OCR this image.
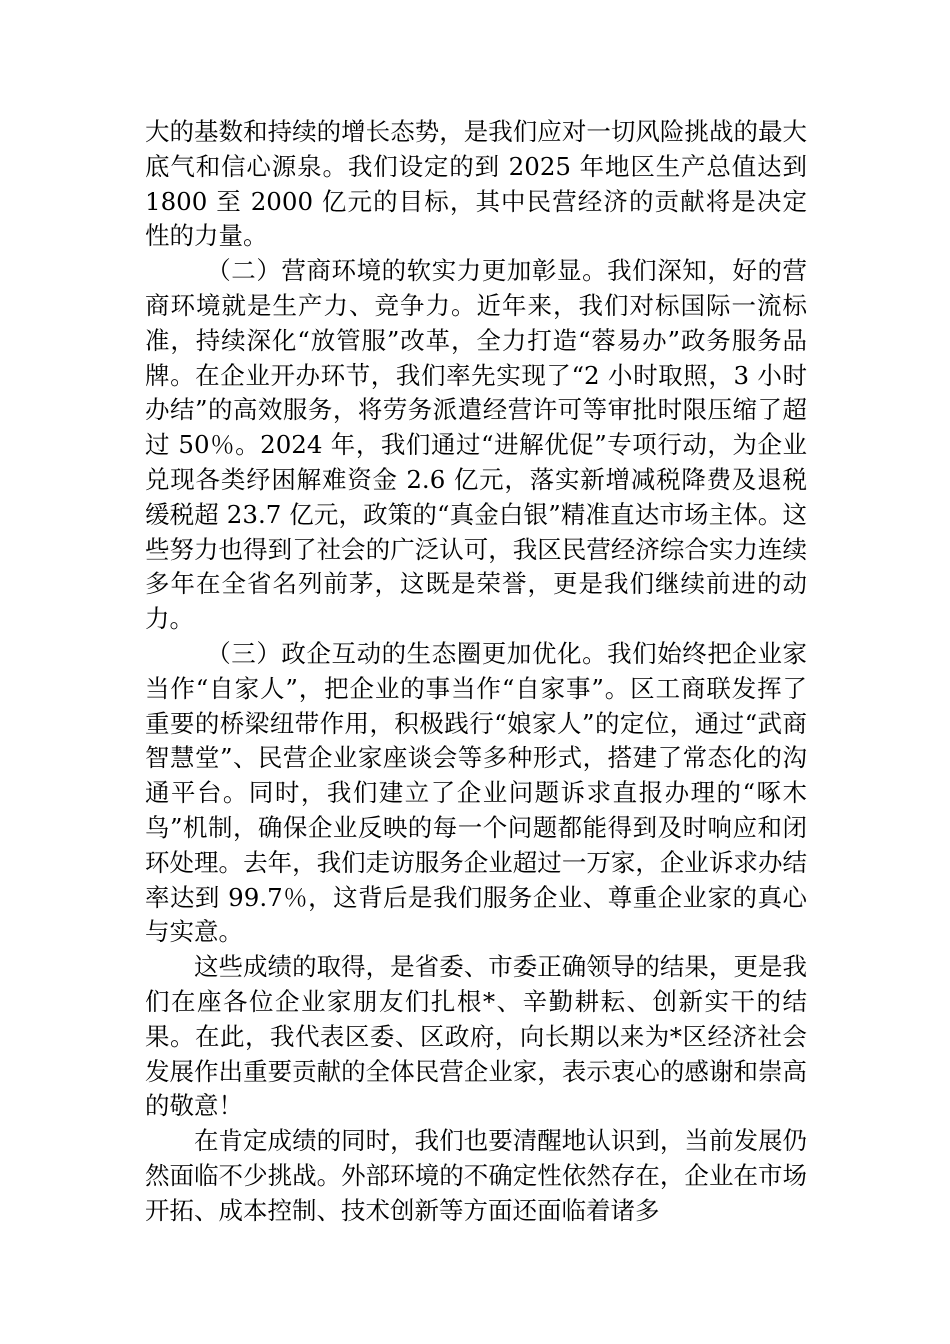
大的基数和持续的增长态势，是我们应对一切风险挑战的最大底气和信心源泉。我们设定的到 2025 年地区生产总值达到 1800 至 2000 亿元的目标，其中民营经济的贡献将是决定性的力量。

（二）营商环境的软实力更加彰显。我们深知，好的营商环境就是生产力、竞争力。近年来，我们对标国际一流标准，持续深化“放管服”改革，全力打造“蓉易办”政务服务品牌。在企业开办环节，我们率先实现了“2 小时取照，3 小时办结”的高效服务，将劳务派遣经营许可等审批时限压缩了超过 50％。2024 年，我们通过“进解优促”专项行动，为企业兑现各类纾困解难资金 2.6 亿元，落实新增减税降费及退税缓税超 23.7 亿元，政策的“真金白银”精准直达市场主体。这些努力也得到了社会的广泛认可，我区民营经济综合实力连续多年在全省名列前茅，这既是荣誉，更是我们继续前进的动力。

（三）政企互动的生态圈更加优化。我们始终把企业家当作“自家人”，把企业的事当作“自家事”。区工商联发挥了重要的桥梁纽带作用，积极践行“娘家人”的定位，通过“武商智慧堂”、民营企业家座谈会等多种形式，搭建了常态化的沟通平台。同时，我们建立了企业问题诉求直报办理的“啄木鸟”机制，确保企业反映的每一个问题都能得到及时响应和闭环处理。去年，我们走访服务企业超过一万家，企业诉求办结率达到 99.7％，这背后是我们服务企业、尊重企业家的真心与实意。

这些成绩的取得，是省委、市委正确领导的结果，更是我们在座各位企业家朋友们扎根*、辛勤耕耘、创新实干的结果。在此，我代表区委、区政府，向长期以来为*区经济社会发展作出重要贡献的全体民营企业家，表示衷心的感谢和崇高的敬意！

在肯定成绩的同时，我们也要清醒地认识到，当前发展仍然面临不少挑战。外部环境的不确定性依然存在，企业在市场开拓、成本控制、技术创新等方面还面临着诸多
